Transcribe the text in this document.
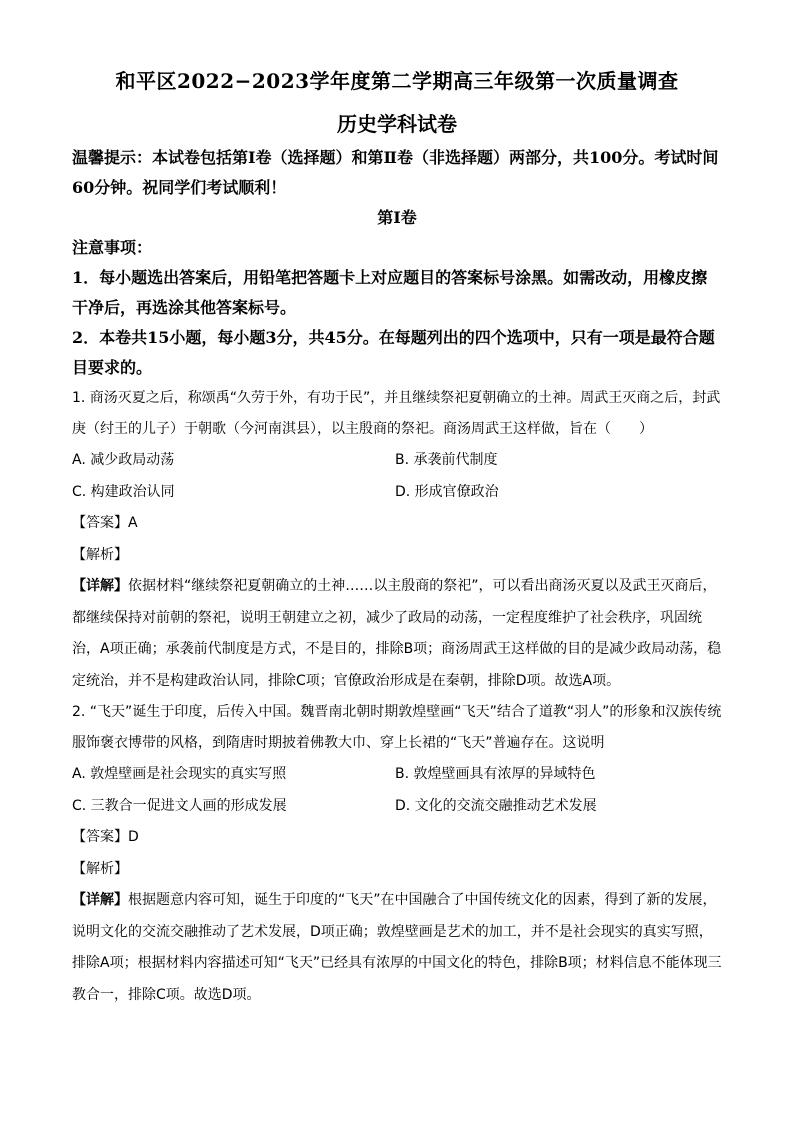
和平区2022−2023学年度第二学期高三年级第一次质量调查
历史学科试卷

温馨提示：本试卷包括第Ⅰ卷（选择题）和第Ⅱ卷（非选择题）两部分，共100分。考试时间60分钟。祝同学们考试顺利！

第Ⅰ卷

注意事项：

1．每小题选出答案后，用铅笔把答题卡上对应题目的答案标号涂黑。如需改动，用橡皮擦干净后，再选涂其他答案标号。

2．本卷共15小题，每小题3分，共45分。在每题列出的四个选项中，只有一项是最符合题目要求的。

1. 商汤灭夏之后，称颂禹“久劳于外，有功于民”，并且继续祭祀夏朝确立的土神。周武王灭商之后，封武庚（纣王的儿子）于朝歌（今河南淇县），以主殷商的祭祀。商汤周武王这样做，旨在（　　）

A. 减少政局动荡	B. 承袭前代制度
C. 构建政治认同	D. 形成官僚政治

【答案】A

【解析】

【详解】依据材料“继续祭祀夏朝确立的土神……以主殷商的祭祀”，可以看出商汤灭夏以及武王灭商后，都继续保持对前朝的祭祀，说明王朝建立之初，减少了政局的动荡，一定程度维护了社会秩序，巩固统治，A项正确；承袭前代制度是方式，不是目的，排除B项；商汤周武王这样做的目的是减少政局动荡，稳定统治，并不是构建政治认同，排除C项；官僚政治形成是在秦朝，排除D项。故选A项。

2. “飞天”诞生于印度，后传入中国。魏晋南北朝时期敦煌壁画“飞天”结合了道教“羽人”的形象和汉族传统服饰褒衣博带的风格，到隋唐时期披着佛教大巾、穿上长裙的“飞天”普遍存在。这说明

A. 敦煌壁画是社会现实的真实写照	B. 敦煌壁画具有浓厚的异域特色
C. 三教合一促进文人画的形成发展	D. 文化的交流交融推动艺术发展

【答案】D

【解析】

【详解】根据题意内容可知，诞生于印度的“飞天”在中国融合了中国传统文化的因素，得到了新的发展，说明文化的交流交融推动了艺术发展，D项正确；敦煌壁画是艺术的加工，并不是社会现实的真实写照，排除A项；根据材料内容描述可知“飞天”已经具有浓厚的中国文化的特色，排除B项；材料信息不能体现三教合一，排除C项。故选D项。
